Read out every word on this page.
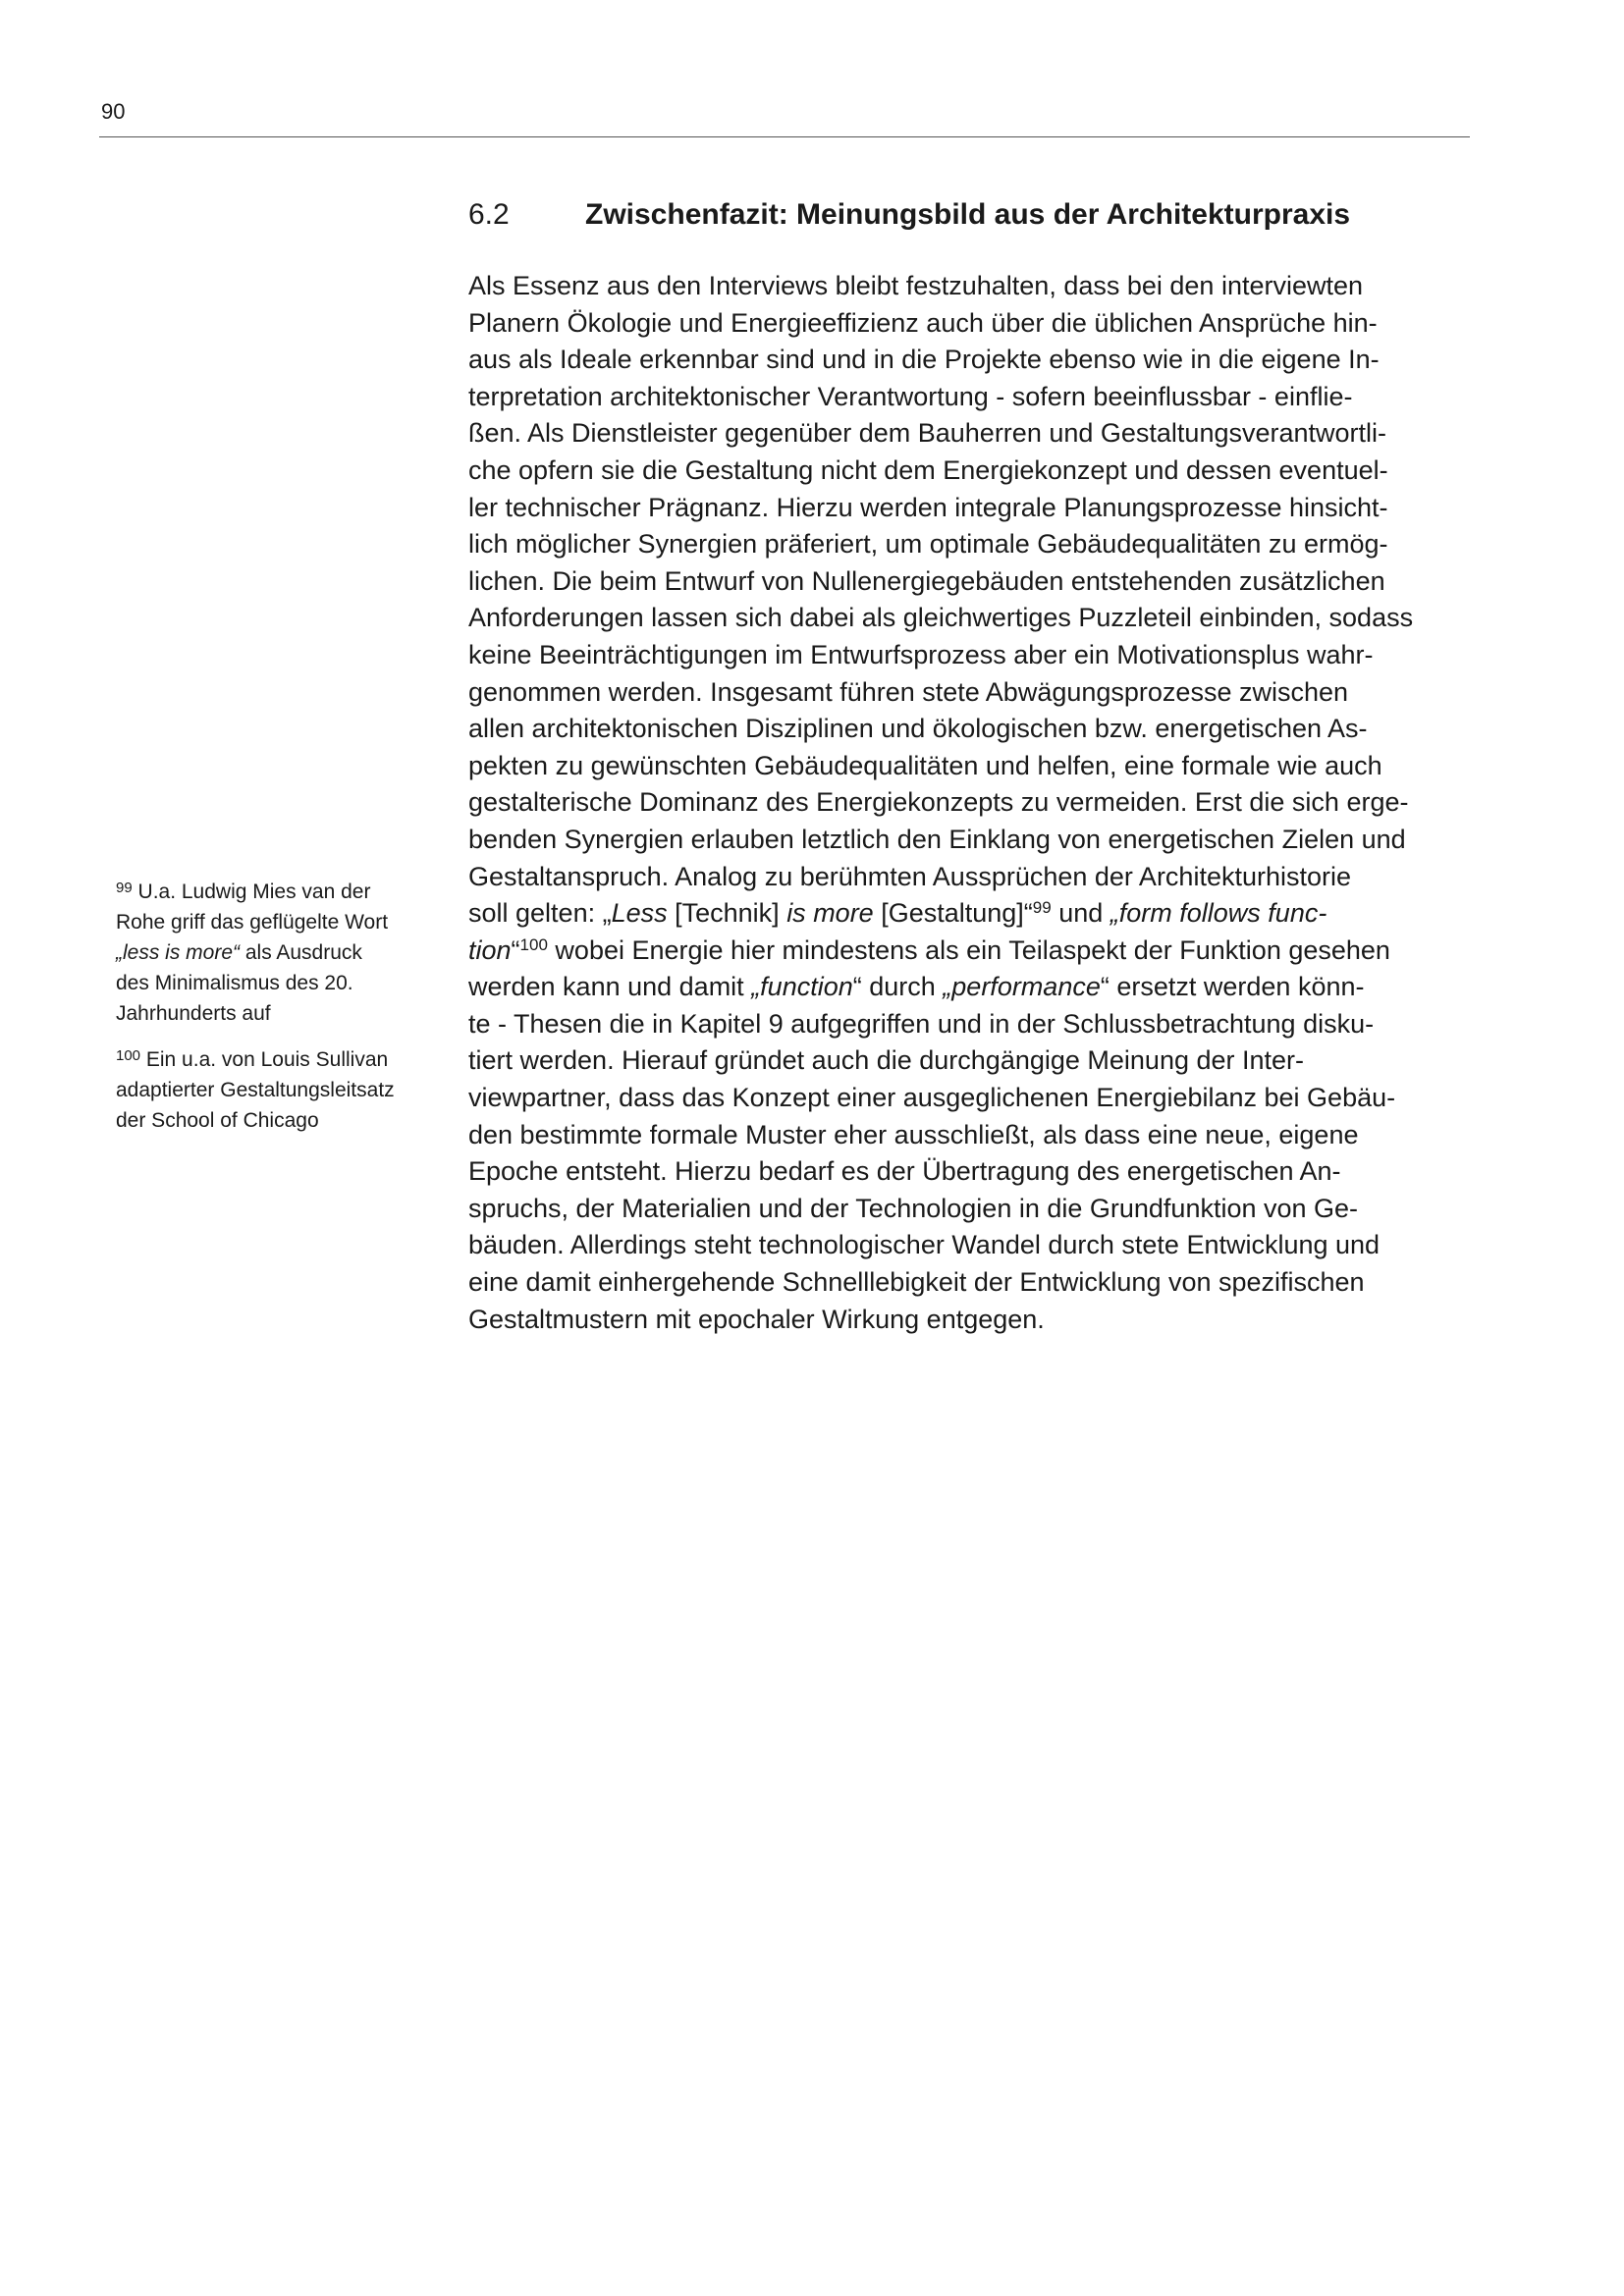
90
6.2	Zwischenfazit: Meinungsbild aus der Architekturpraxis
Als Essenz aus den Interviews bleibt festzuhalten, dass bei den interviewten
Planern Ökologie und Energieeffizienz auch über die üblichen Ansprüche hin-
aus als Ideale erkennbar sind und in die Projekte ebenso wie in die eigene In-
terpretation architektonischer Verantwortung - sofern beeinflussbar - einflie-
ßen. Als Dienstleister gegenüber dem Bauherren und Gestaltungsverantwortli-
che opfern sie die Gestaltung nicht dem Energiekonzept und dessen eventuel-
ler technischer Prägnanz. Hierzu werden integrale Planungsprozesse hinsicht-
lich möglicher Synergien präferiert, um optimale Gebäudequalitäten zu ermög-
lichen. Die beim Entwurf von Nullenergiegebäuden entstehenden zusätzlichen
Anforderungen lassen sich dabei als gleichwertiges Puzzleteil einbinden, sodass
keine Beeinträchtigungen im Entwurfsprozess aber ein Motivationsplus wahr-
genommen werden. Insgesamt führen stete Abwägungsprozesse zwischen
allen architektonischen Disziplinen und ökologischen bzw. energetischen As-
pekten zu gewünschten Gebäudequalitäten und helfen, eine formale wie auch
gestalterische Dominanz des Energiekonzepts zu vermeiden. Erst die sich erge-
benden Synergien erlauben letztlich den Einklang von energetischen Zielen und
Gestaltanspruch. Analog zu berühmten Aussprüchen der Architekturhistorie
soll gelten: „Less [Technik] is more [Gestaltung]“$^{99}$ und „form follows func-
tion“$^{100}$ wobei Energie hier mindestens als ein Teilaspekt der Funktion gesehen
werden kann und damit „function“ durch „performance“ ersetzt werden könn-
te - Thesen die in Kapitel 9 aufgegriffen und in der Schlussbetrachtung disku-
tiert werden. Hierauf gründet auch die durchgängige Meinung der Inter-
viewpartner, dass das Konzept einer ausgeglichenen Energiebilanz bei Gebäu-
den bestimmte formale Muster eher ausschließt, als dass eine neue, eigene
Epoche entsteht. Hierzu bedarf es der Übertragung des energetischen An-
spruchs, der Materialien und der Technologien in die Grundfunktion von Ge-
bäuden. Allerdings steht technologischer Wandel durch stete Entwicklung und
eine damit einhergehende Schnelllebigkeit der Entwicklung von spezifischen
Gestaltmustern mit epochaler Wirkung entgegen.
$^{99}$ U.a. Ludwig Mies van der
Rohe griff das geflügelte Wort
„less is more“ als Ausdruck
des Minimalismus des 20.
Jahrhunderts auf
$^{100}$ Ein u.a. von Louis Sullivan
adaptierter Gestaltungsleitsatz
der School of Chicago
